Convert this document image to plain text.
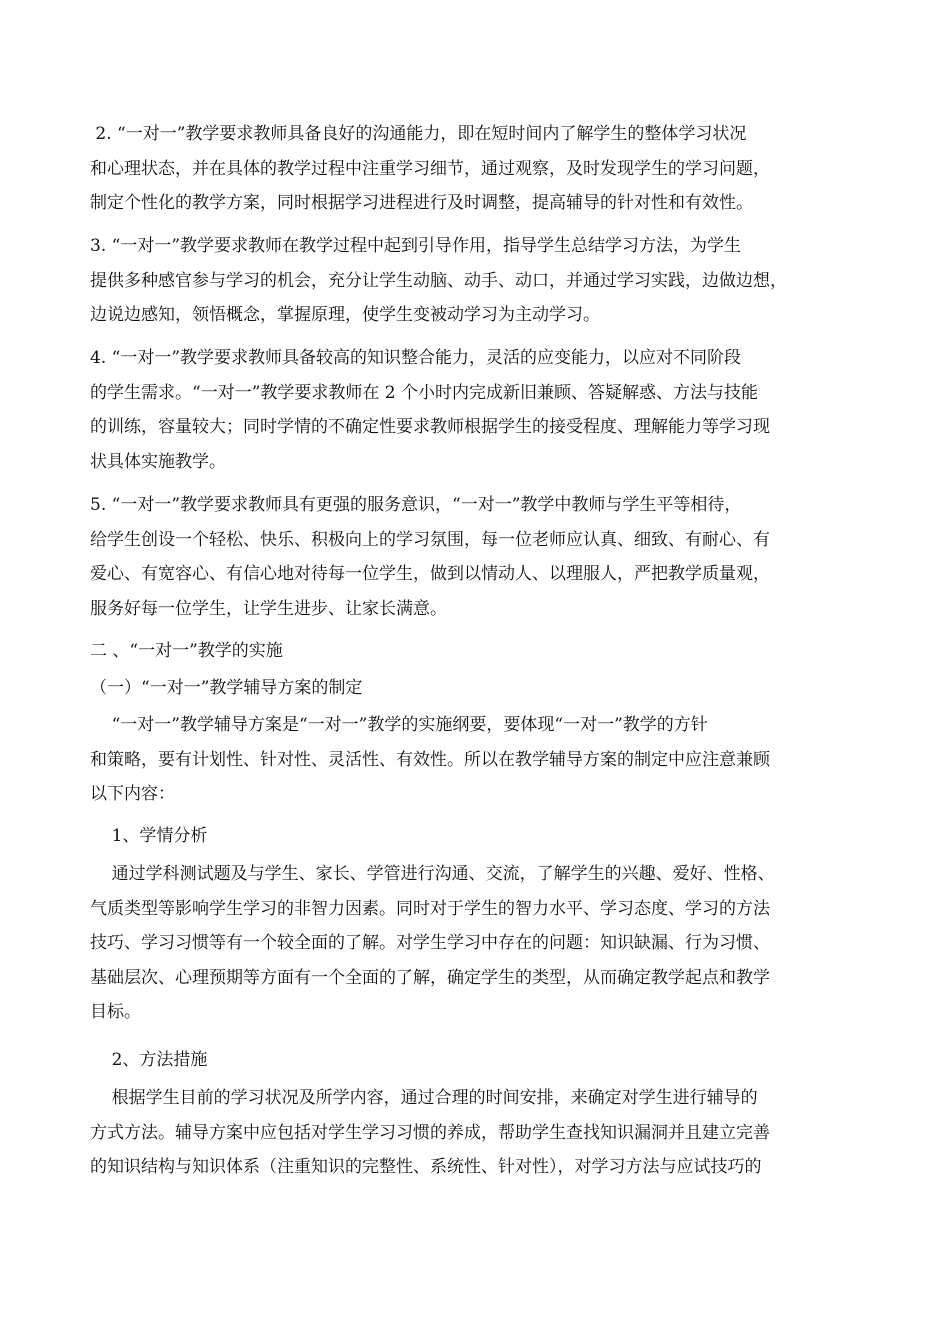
2. “一对一”教学要求教师具备良好的沟通能力，即在短时间内了解学生的整体学习状况
和心理状态，并在具体的教学过程中注重学习细节，通过观察，及时发现学生的学习问题，
制定个性化的教学方案，同时根据学习进程进行及时调整，提高辅导的针对性和有效性。
3. “一对一”教学要求教师在教学过程中起到引导作用，指导学生总结学习方法，为学生
提供多种感官参与学习的机会，充分让学生动脑、动手、动口，并通过学习实践，边做边想，
边说边感知，领悟概念，掌握原理，使学生变被动学习为主动学习。
4. “一对一”教学要求教师具备较高的知识整合能力，灵活的应变能力，以应对不同阶段
的学生需求。“一对一”教学要求教师在 2 个小时内完成新旧兼顾、答疑解惑、方法与技能
的训练，容量较大；同时学情的不确定性要求教师根据学生的接受程度、理解能力等学习现
状具体实施教学。
5. “一对一”教学要求教师具有更强的服务意识，“一对一”教学中教师与学生平等相待，
给学生创设一个轻松、快乐、积极向上的学习氛围，每一位老师应认真、细致、有耐心、有
爱心、有宽容心、有信心地对待每一位学生，做到以情动人、以理服人，严把教学质量观，
服务好每一位学生，让学生进步、让家长满意。
二 、“一对一”教学的实施
（一）“一对一”教学辅导方案的制定
“一对一”教学辅导方案是“一对一”教学的实施纲要，要体现“一对一”教学的方针
和策略，要有计划性、针对性、灵活性、有效性。所以在教学辅导方案的制定中应注意兼顾
以下内容：
1、学情分析
通过学科测试题及与学生、家长、学管进行沟通、交流，了解学生的兴趣、爱好、性格、
气质类型等影响学生学习的非智力因素。同时对于学生的智力水平、学习态度、学习的方法
技巧、学习习惯等有一个较全面的了解。对学生学习中存在的问题：知识缺漏、行为习惯、
基础层次、心理预期等方面有一个全面的了解，确定学生的类型，从而确定教学起点和教学
目标。
2、方法措施
根据学生目前的学习状况及所学内容，通过合理的时间安排，来确定对学生进行辅导的
方式方法。辅导方案中应包括对学生学习习惯的养成，帮助学生查找知识漏洞并且建立完善
的知识结构与知识体系（注重知识的完整性、系统性、针对性），对学习方法与应试技巧的
